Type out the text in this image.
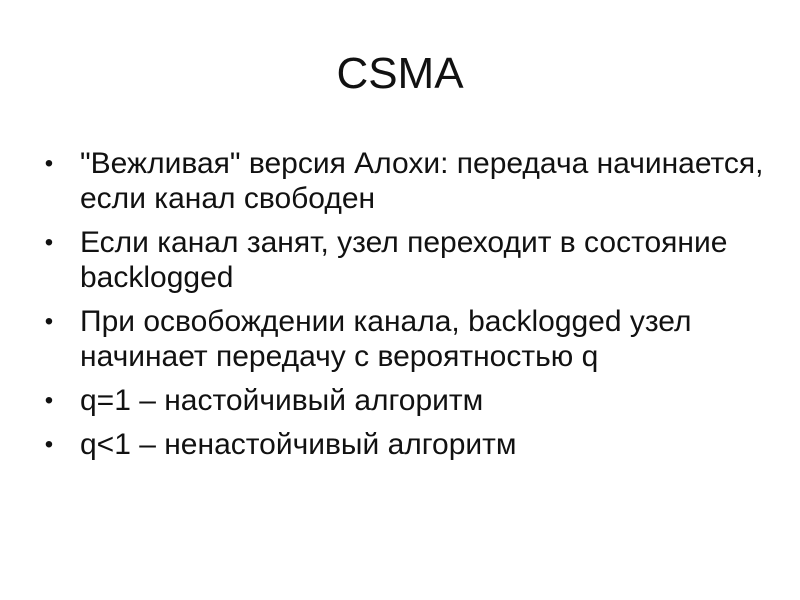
CSMA
• "Вежливая" версия Алохи: передача начинается, если канал свободен
• Если канал занят, узел переходит в состояние backlogged
• При освобождении канала, backlogged узел начинает передачу с вероятностью q
• q=1 – настойчивый алгоритм
• q<1 – ненастойчивый алгоритм
